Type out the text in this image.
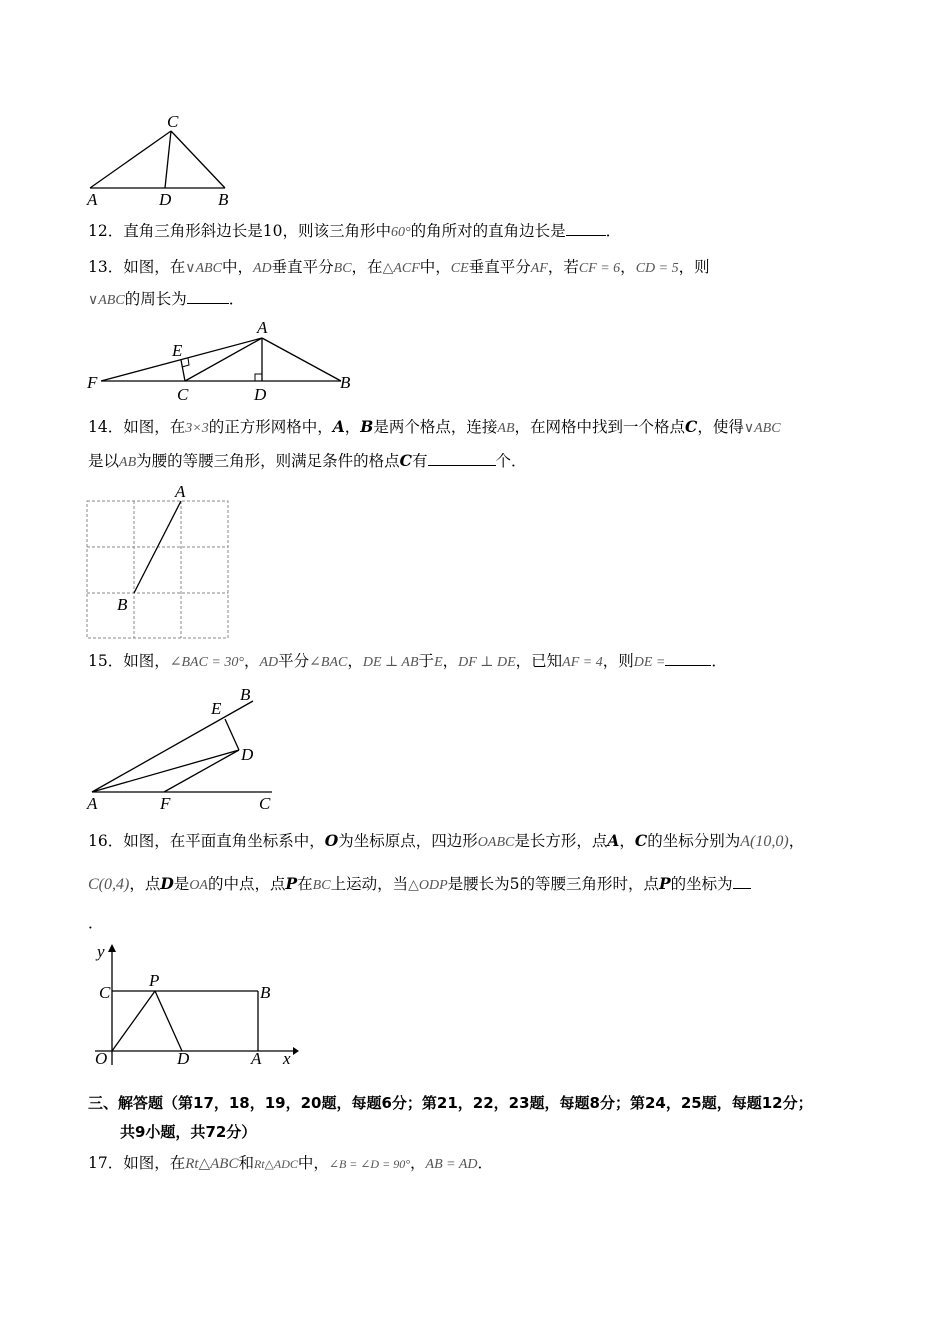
C
A	D	B
12．直角三角形斜边长是10，则该三角形中60°的角所对的直角边长是	．
13．如图，在∨ABC中，AD垂直平分BC，在△ACF中，CE垂直平分AF，若CF = 6，CD = 5，则
∨ABC的周长为	．
A
E
F
C	D
B
14．如图，在3×3的正方形网格中，A，B是两个格点，连接AB，在网格中找到一个格点C，使得∨ABC
是以AB为腰的等腰三角形，则满足条件的格点C有	个．
A
B
15．如图，∠BAC = 30°，AD平分∠BAC，DE ⊥ AB于E，DF ⊥ DE，已知AF = 4，则DE =	．
B
E
D
A	F	C
16．如图，在平面直角坐标系中，O为坐标原点，四边形OABC是长方形，点A，C的坐标分别为A(10,0)，
C(0,4)，点D是OA的中点，点P在BC上运动，当△ODP是腰长为5的等腰三角形时，点P的坐标为
．
y
x
C
P
B
O	D	A
三、解答题（第17，18，19，20题，每题6分；第21，22，23题，每题8分；第24，25题，每题12分；
共9小题，共72分）
17．如图，在Rt△ABC和Rt△ADC中，∠B = ∠D = 90°，AB = AD．
